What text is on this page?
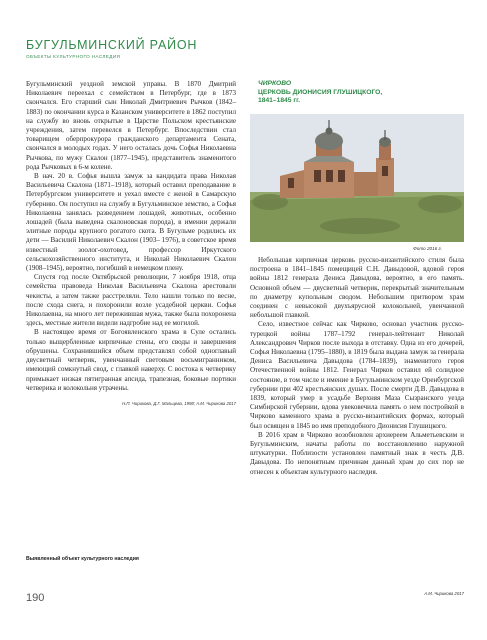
БУГУЛЬМИНСКИЙ РАЙОН
ОБЪЕКТЫ КУЛЬТУРНОГО НАСЛЕДИЯ

Бугульминский уездной земской управы. В 1870 Дмитрий Николаевич переехал с семейством в Петербург, где в 1873 скончался. Его старший сын Николай Дмитриевич Рычков (1842–1883) по окончании курса в Казанском университете в 1862 поступил на службу во вновь открытые в Царстве Польском крестьянские учреждения, затем перевелся в Петербург. Впоследствии стал товарищем оберпрокурора гражданского департамента Сената, скончался в молодых годах. У него осталась дочь Софья Николаевна Рычкова, по мужу Скалон (1877–1945), представитель знаменитого рода Рычковых в 6-м колене.

В нач. 20 в. Софья вышла замуж за кандидата права Николая Васильевича Скалона (1871–1918), который оставил преподавание в Петербургском университете и уехал вместе с женой в Самарскую губернию. Он поступил на службу в Бугульминское земство, а Софья Николаевна занялась разведением лошадей, животных, особенно лошадей (была выведена скалоновская порода), в имении держали элитные породы крупного рогатого скота. В Бугульме родились их дети — Василий Николаевич Скалон (1903– 1976), в советское время известный зоолог-охотовед, профессор Иркутского сельскохозяйственного института, и Николай Николаевич Скалон (1908–1945), вероятно, погибший в немецком плену.

Спустя год после Октябрьской революции, 7 ноября 1918, отца семейства правоведа Николая Васильевича Скалона арестовали чекисты, а затем также расстреляли. Тело нашли только по весне, после схода снега, и похоронили возле усадебной церкви. Софья Николаевна, на много лет пережившая мужа, также была похоронена здесь, местные жители видели надгробие над ее могилой.

В настоящее время от Богоявленского храма в Суле остались только выщербленные кирпичные стены, его своды и завершения обрушены. Сохранившийся объем представлял собой одноглавый двусветный четверик, увенчанный световым восьмигранником, имеющий сомкнутый свод, с главкой наверху. С востока к четверику примыкает низкая пятигранная апсида, трапезная, боковые портики четверика и колокольня утрачены.

Н.П. Чирикова, Д.Г. Мальцева, 1998; А.М. Чирикова 2017

Выявленный объект культурного наследия

ЧИРКОВО

ЦЕРКОВЬ ДИОНИСИЯ ГЛУШИЦКОГО,

1841–1845 гг.

Небольшая кирпичная церковь русско-византийского стиля была построена в 1841–1845 помещицей С.Н. Давыдовой, вдовой героя войны 1812 генерала Дениса Давыдова, вероятно, в его память. Основной объем — двусветный четверик, перекрытый значительным по диаметру купольным сводом. Небольшим притвором храм соединен с невысокой двухъярусной колокольней, увенчанной небольшой главкой.

Село, известное сейчас как Чирково, основал участник русско-турецкой войны 1787–1792 генерал-лейтенант Николай Александрович Чирков после выхода в отставку. Одна из его дочерей, Софья Николаевна (1795–1880), в 1819 была выдана замуж за генерала Дениса Васильевича Давыдова (1784–1839), знаменитого героя Отечественной войны 1812. Генерал Чирков оставил ей солидное состояние, в том числе и имение в Бугульминском уезде Оренбургской губернии при 402 крестьянских душах. После смерти Д.В. Давыдова в 1839, который умер в усадьбе Верхняя Маза Сызранского уезда Симбирской губернии, вдова увековечила память о нем постройкой в Чирково каменного храма в русско-византийских формах, который был освящен в 1845 во имя преподобного Дионисия Глушицкого.

В 2016 храм в Чирково возобновлен архиереем Альметьевским и Бугульминским, начаты работы по восстановлению наружной штукатурки. Поблизости установлен памятный знак в честь Д.В. Давыдова. По непонятным причинам данный храм до сих пор не отнесен к объектам культурного наследия.

А.М. Чирикова 2017
Фото 2016 г.
190
